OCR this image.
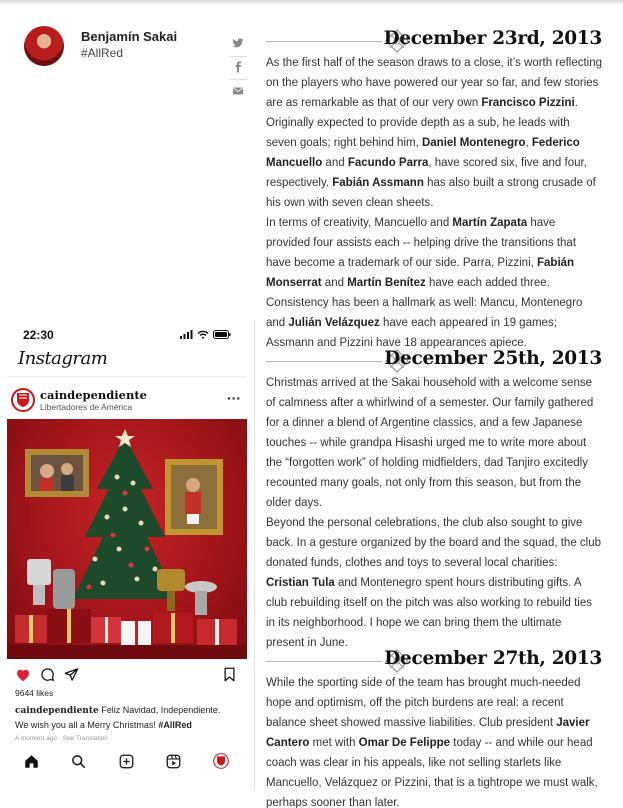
Benjamín Sakai
#AllRed
22:30
Instagram
caindependiente
Libertadores de América
···
9644 likes
caindependiente Feliz Navidad, Independiente.
We wish you all a Merry Christmas! #AllRed
A moment ago · See Translation
December 23rd, 2013
As the first half of the season draws to a close, it’s worth reflecting on the players who have powered our year so far, and few stories are as remarkable as that of our very own Francisco Pizzini. Originally expected to provide depth as a sub, he leads with seven goals; right behind him, Daniel Montenegro, Federico Mancuello and Facundo Parra, have scored six, five and four, respectively. Fabián Assmann has also built a strong crusade of his own with seven clean sheets.
In terms of creativity, Mancuello and Martín Zapata have provided four assists each -- helping drive the transitions that have become a trademark of our side. Parra, Pizzini, Fabián Monserrat and Martín Benítez have each added three. Consistency has been a hallmark as well: Mancu, Montenegro and Julián Velázquez have each appeared in 19 games; Assmann and Pizzini have 18 appearances apiece.
December 25th, 2013
Christmas arrived at the Sakai household with a welcome sense of calmness after a whirlwind of a semester. Our family gathered for a dinner a blend of Argentine classics, and a few Japanese touches -- while grandpa Hisashi urged me to write more about the “forgotten work” of holding midfielders, dad Tanjiro excitedly recounted many goals, not only from this season, but from the older days.
Beyond the personal celebrations, the club also sought to give back. In a gesture organized by the board and the squad, the club donated funds, clothes and toys to several local charities: Cristian Tula and Montenegro spent hours distributing gifts. A club rebuilding itself on the pitch was also working to rebuild ties in its neighborhood. I hope we can bring them the ultimate present in June.
December 27th, 2013
While the sporting side of the team has brought much-needed hope and optimism, off the pitch burdens are real: a recent balance sheet showed massive liabilities. Club president Javier Cantero met with Omar De Felippe today -- and while our head coach was clear in his appeals, like not selling starlets like Mancuello, Velázquez or Pizzini, that is a tightrope we must walk, perhaps sooner than later.
